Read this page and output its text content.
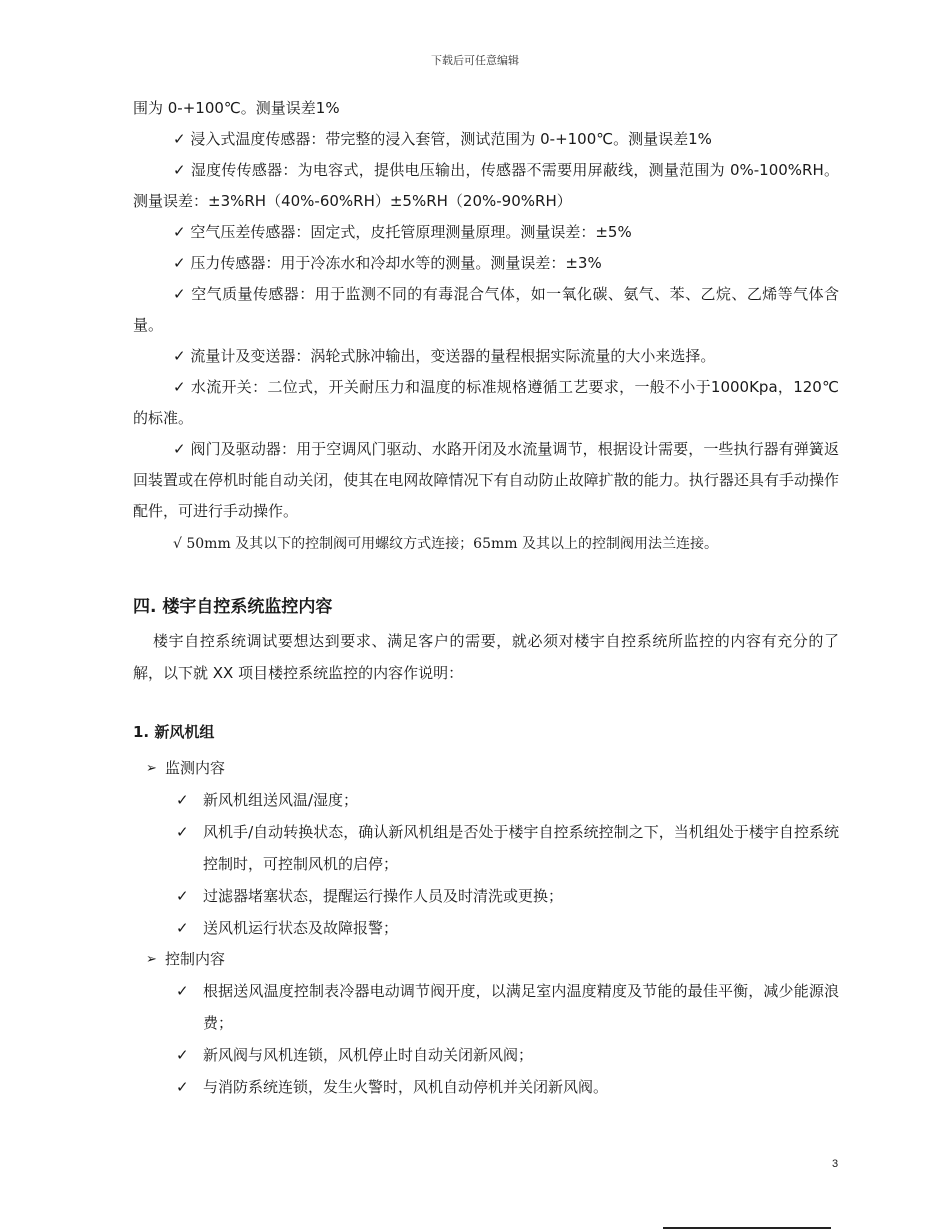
下载后可任意编辑

围为 0-+100℃。测量误差1%

✓ 浸入式温度传感器：带完整的浸入套管，测试范围为 0-+100℃。测量误差1%

✓ 湿度传传感器：为电容式，提供电压输出，传感器不需要用屏蔽线，测量范围为 0%-100%RH。测量误差：±3%RH（40%-60%RH）±5%RH（20%-90%RH）

✓ 空气压差传感器：固定式，皮托管原理测量原理。测量误差：±5%

✓ 压力传感器：用于冷冻水和冷却水等的测量。测量误差：±3%

✓ 空气质量传感器：用于监测不同的有毒混合气体，如一氧化碳、氨气、苯、乙烷、乙烯等气体含量。

✓ 流量计及变送器：涡轮式脉冲输出，变送器的量程根据实际流量的大小来选择。

✓ 水流开关：二位式，开关耐压力和温度的标准规格遵循工艺要求，一般不小于1000Kpa，120℃的标准。

✓ 阀门及驱动器：用于空调风门驱动、水路开闭及水流量调节，根据设计需要，一些执行器有弹簧返回装置或在停机时能自动关闭，使其在电网故障情况下有自动防止故障扩散的能力。执行器还具有手动操作配件，可进行手动操作。

√ 50mm 及其以下的控制阀可用螺纹方式连接；65mm 及其以上的控制阀用法兰连接。

四. 楼宇自控系统监控内容

楼宇自控系统调试要想达到要求、满足客户的需要，就必须对楼宇自控系统所监控的内容有充分的了解，以下就 XX 项目楼控系统监控的内容作说明：

1. 新风机组
➢ 监测内容
✓ 新风机组送风温/湿度；
✓ 风机手/自动转换状态，确认新风机组是否处于楼宇自控系统控制之下，当机组处于楼宇自控系统控制时，可控制风机的启停；
✓ 过滤器堵塞状态，提醒运行操作人员及时清洗或更换；
✓ 送风机运行状态及故障报警；
➢ 控制内容
✓ 根据送风温度控制表冷器电动调节阀开度，以满足室内温度精度及节能的最佳平衡，减少能源浪费；
✓ 新风阀与风机连锁，风机停止时自动关闭新风阀；
✓ 与消防系统连锁，发生火警时，风机自动停机并关闭新风阀。
3
